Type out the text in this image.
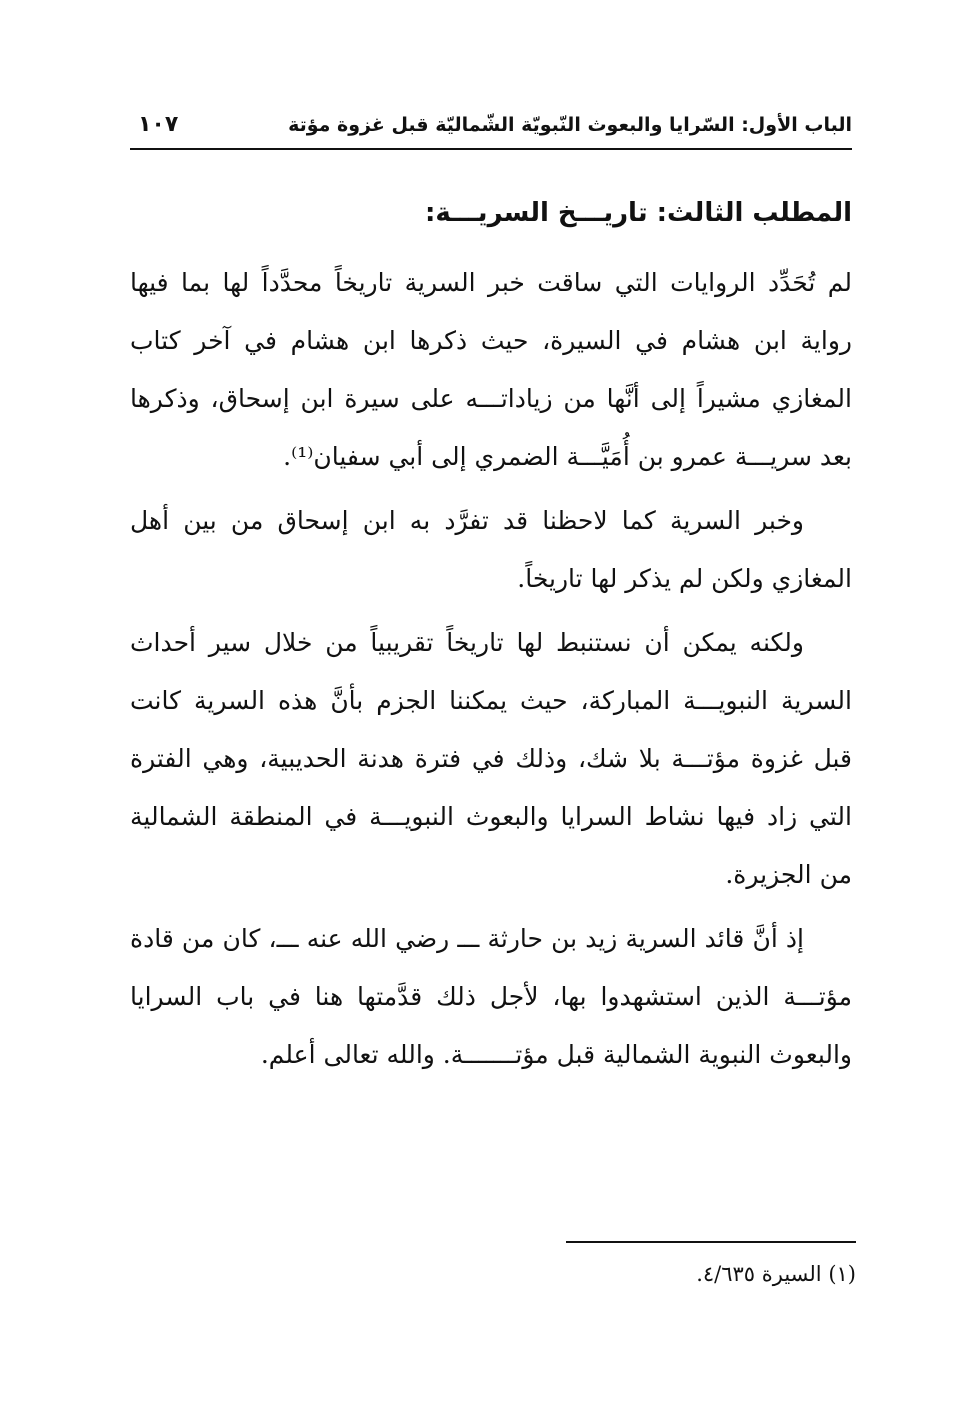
الباب الأول: السّرايا والبعوث النّبويّة الشّماليّة قبل غزوة مؤتة
١٠٧
المطلب الثالث: تاريـــخ السريـــة:

لم تُحَدِّد الروايات التي ساقت خبر السرية تاريخاً محدَّداً لها بما فيها رواية ابن هشام في السيرة، حيث ذكرها ابن هشام في آخر كتاب المغازي مشيراً إلى أنَّها من زياداتـــه على سيرة ابن إسحاق، وذكرها بعد سريـــة عمرو بن أُمَيَّـــة الضمري إلى أبي سفيان⁽¹⁾.

وخبر السرية كما لاحظنا قد تفرَّد به ابن إسحاق من بين أهل المغازي ولكن لم يذكر لها تاريخاً.

ولكنه يمكن أن نستنبط لها تاريخاً تقريبياً من خلال سير أحداث السرية النبويـــة المباركة، حيث يمكننا الجزم بأنَّ هذه السرية كانت قبل غزوة مؤتـــة بلا شك، وذلك في فترة هدنة الحديبية، وهي الفترة التي زاد فيها نشاط السرايا والبعوث النبويـــة في المنطقة الشمالية من الجزيرة.

إذ أنَّ قائد السرية زيد بن حارثة ـــ رضي الله عنه ـــ، كان من قادة مؤتـــة الذين استشهدوا بها، لأجل ذلك قدَّمتها هنا في باب السرايا والبعوث النبوية الشمالية قبل مؤتـــــــة. والله تعالى أعلم.

(١) السيرة ٤/٦٣٥.
